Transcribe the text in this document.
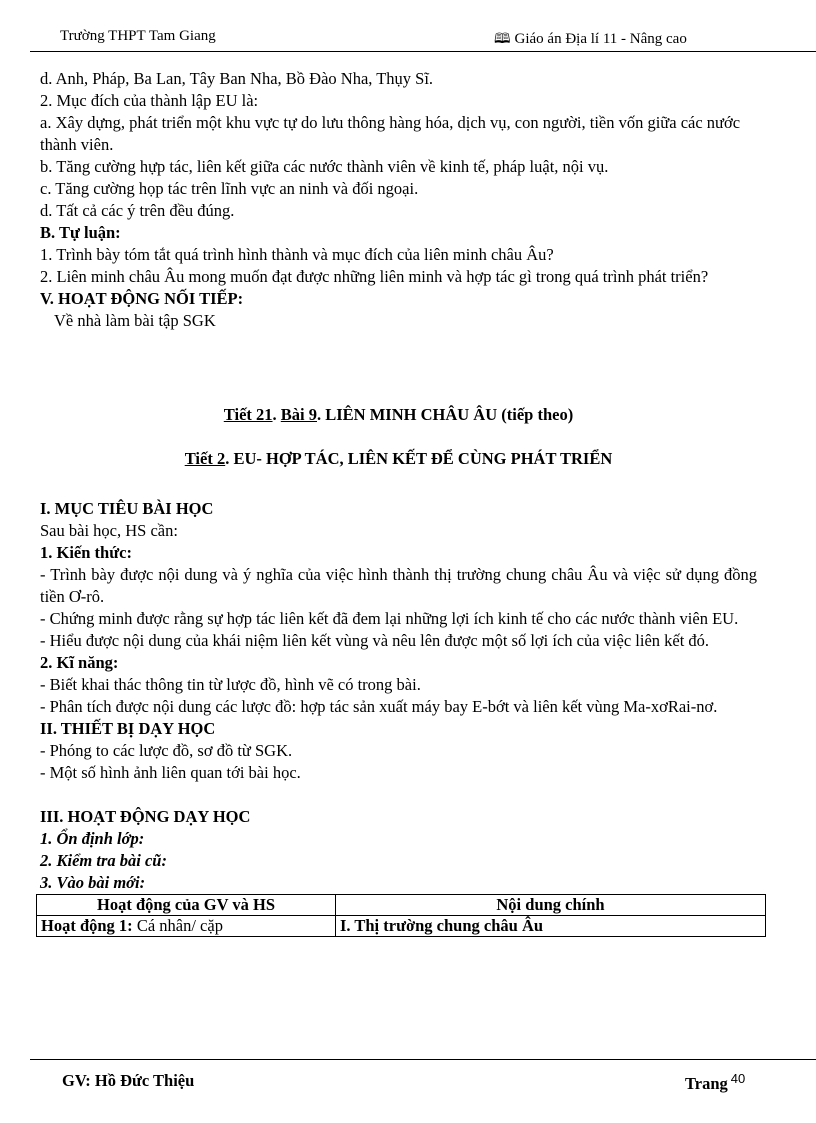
Trường THPT Tam Giang	🕮 Giáo án Địa lí 11 - Nâng cao

d. Anh, Pháp, Ba Lan, Tây Ban Nha, Bồ Đào Nha, Thụy Sĩ.

2. Mục đích của thành lập EU là:

a. Xây dựng, phát triển một khu vực tự do lưu thông hàng hóa, dịch vụ, con người, tiền vốn giữa các nước thành viên.

b. Tăng cường hựp tác, liên kết giữa các nước thành viên về kinh tế, pháp luật, nội vụ.

c. Tăng cường họp tác trên lĩnh vực an ninh và đối ngoại.

d. Tất cả các ý trên đều đúng.

B. Tự luận:

1. Trình bày tóm tắt quá trình hình thành và mục đích của liên minh châu Âu?

2. Liên minh châu Âu mong muốn đạt được những liên minh và hợp tác gì trong quá trình phát triển?

V. HOẠT ĐỘNG NỐI TIẾP:

Về nhà làm bài tập SGK

Tiết 21. Bài 9. LIÊN MINH CHÂU ÂU (tiếp theo)

Tiết 2. EU- HỢP TÁC, LIÊN KẾT ĐỂ CÙNG PHÁT TRIỂN

I. MỤC TIÊU BÀI HỌC

Sau bài học, HS cần:

1. Kiến thức:

- Trình bày được nội dung và ý nghĩa của việc hình thành thị trường chung châu Âu và việc sử dụng đồng tiền Ơ-rô.

- Chứng minh được rằng sự hợp tác liên kết đã đem lại những lợi ích kinh tế cho các nước thành viên EU.

- Hiểu được nội dung của khái niệm liên kết vùng và nêu lên được một số lợi ích của việc liên kết đó.

2. Kĩ năng:

- Biết khai thác thông tin từ lược đồ, hình vẽ có trong bài.

- Phân tích được nội dung các lược đồ: hợp tác sản xuất máy bay E-bớt và liên kết vùng Ma-xơRai-nơ.

II. THIẾT BỊ DẠY HỌC

- Phóng to các lược đồ, sơ đồ từ SGK.

- Một số hình ảnh liên quan tới bài học.

III. HOẠT ĐỘNG DẠY HỌC

1. Ổn định lớp:

2. Kiểm tra bài cũ:

3. Vào bài mới:

Hoạt động của GV và HS	Nội dung chính
Hoạt động 1: Cá nhân/ cặp	I. Thị trường chung châu Âu
GV: Hồ Đức Thiệu	Trang $^{40}$
